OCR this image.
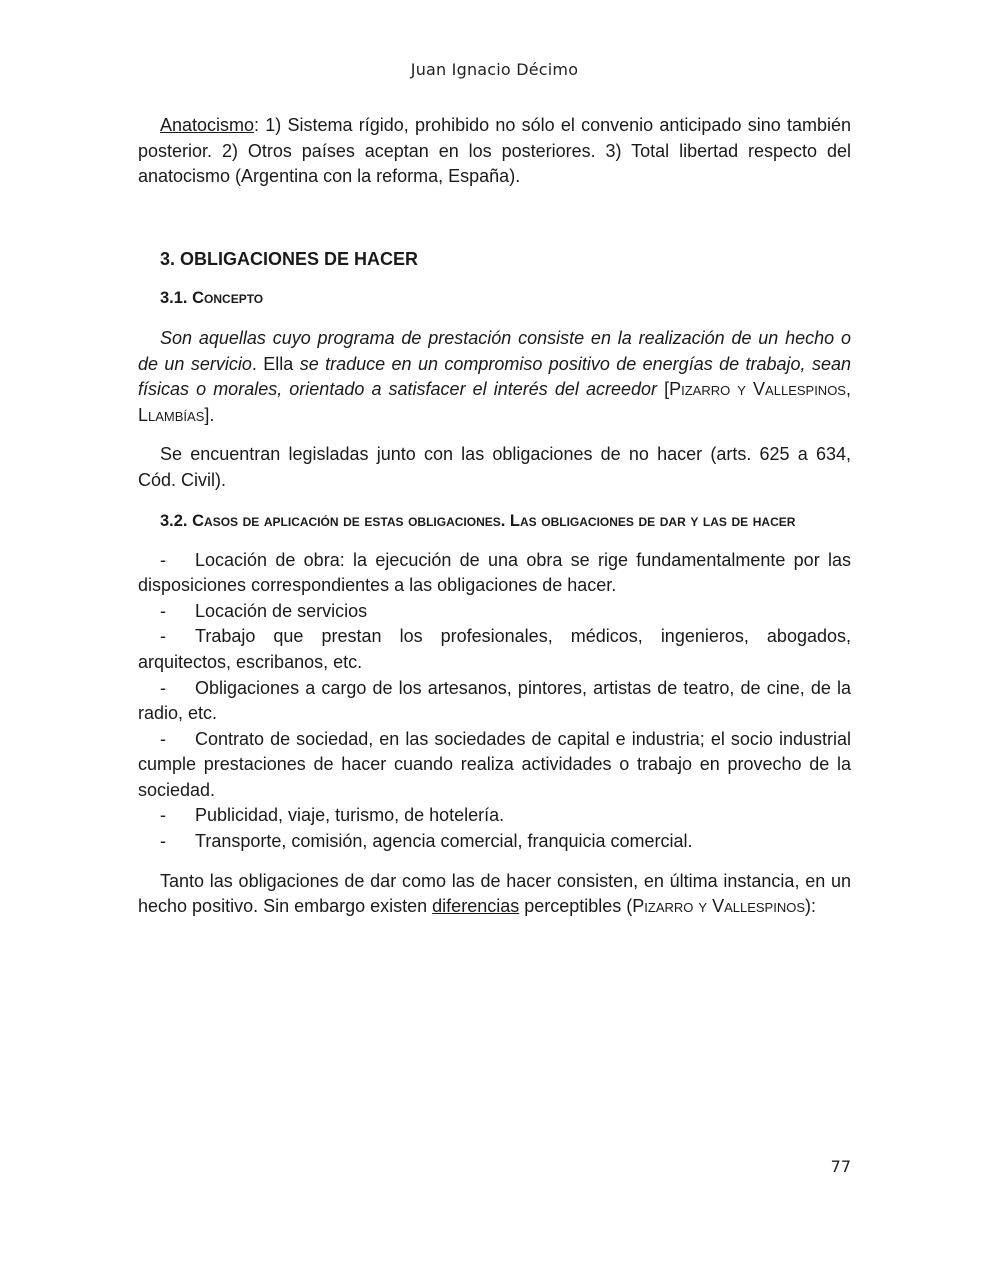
Juan Ignacio Décimo

Anatocismo: 1) Sistema rígido, prohibido no sólo el convenio anticipado sino también posterior. 2) Otros países aceptan en los posteriores. 3) Total libertad respecto del anatocismo (Argentina con la reforma, España).

3. OBLIGACIONES DE HACER
3.1. Concepto

Son aquellas cuyo programa de prestación consiste en la realización de un hecho o de un servicio. Ella se traduce en un compromiso positivo de energías de trabajo, sean físicas o morales, orientado a satisfacer el interés del acreedor [Pizarro y Vallespinos, Llambías].

Se encuentran legisladas junto con las obligaciones de no hacer (arts. 625 a 634, Cód. Civil).

3.2. Casos de aplicación de estas obligaciones. Las obligaciones de dar y las de hacer
- Locación de obra: la ejecución de una obra se rige fundamentalmente por las disposiciones correspondientes a las obligaciones de hacer.
- Locación de servicios
- Trabajo que prestan los profesionales, médicos, ingenieros, abogados, arquitectos, escribanos, etc.
- Obligaciones a cargo de los artesanos, pintores, artistas de teatro, de cine, de la radio, etc.
- Contrato de sociedad, en las sociedades de capital e industria; el socio industrial cumple prestaciones de hacer cuando realiza actividades o trabajo en provecho de la sociedad.
- Publicidad, viaje, turismo, de hotelería.
- Transporte, comisión, agencia comercial, franquicia comercial.

Tanto las obligaciones de dar como las de hacer consisten, en última instancia, en un hecho positivo. Sin embargo existen diferencias perceptibles (Pizarro y Vallespinos):

77
